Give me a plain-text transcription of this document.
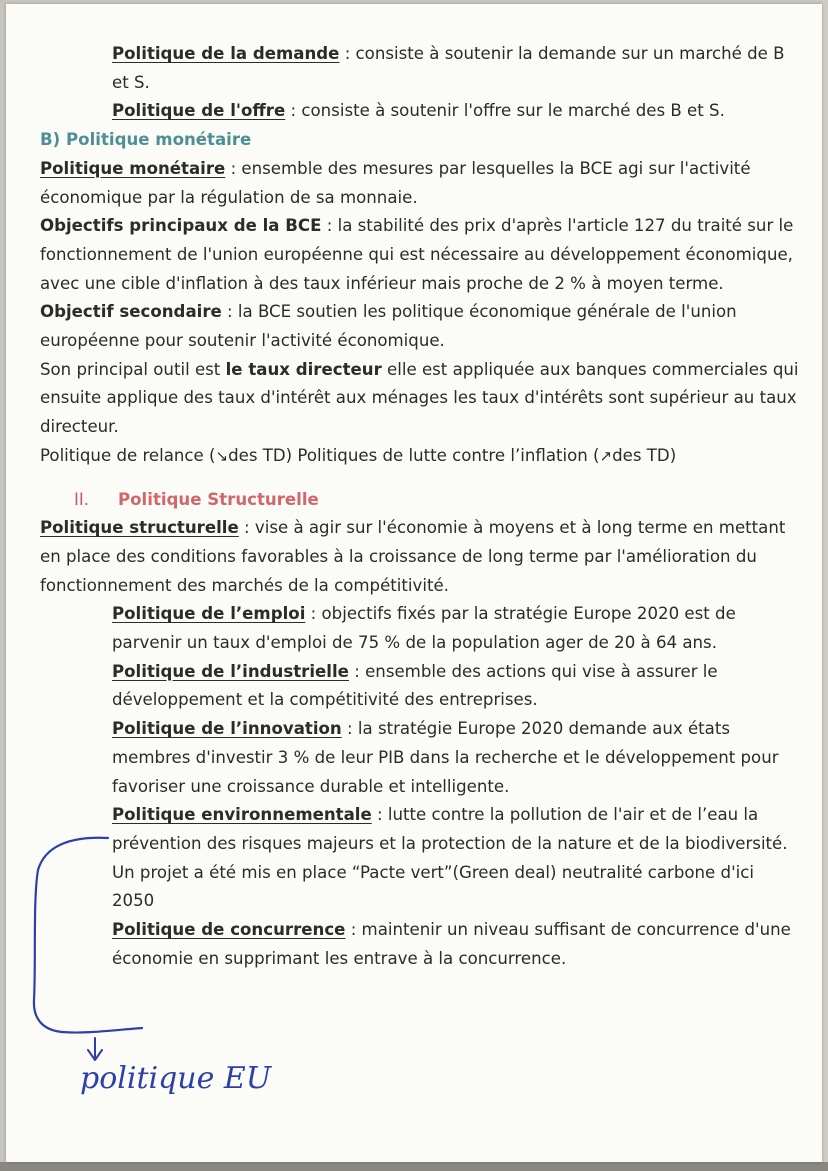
Politique de la demande : consiste à soutenir la demande sur un marché de B et S.

Politique de l'offre : consiste à soutenir l'offre sur le marché des B et S.

B) Politique monétaire

Politique monétaire : ensemble des mesures par lesquelles la BCE agi sur l'activité économique par la régulation de sa monnaie.

Objectifs principaux de la BCE : la stabilité des prix d'après l'article 127 du traité sur le fonctionnement de l'union européenne qui est nécessaire au développement économique, avec une cible d'inflation à des taux inférieur mais proche de 2 % à moyen terme.

Objectif secondaire : la BCE soutien les politique économique générale de l'union européenne pour soutenir l'activité économique.

Son principal outil est le taux directeur elle est appliquée aux banques commerciales qui ensuite applique des taux d'intérêt aux ménages les taux d'intérêts sont supérieur au taux directeur.

Politique de relance (↘des TD) Politiques de lutte contre l’inflation (↗des TD)

II. Politique Structurelle

Politique structurelle : vise à agir sur l'économie à moyens et à long terme en mettant en place des conditions favorables à la croissance de long terme par l'amélioration du fonctionnement des marchés de la compétitivité.

Politique de l’emploi : objectifs fixés par la stratégie Europe 2020 est de parvenir un taux d'emploi de 75 % de la population ager de 20 à 64 ans.

Politique de l’industrielle : ensemble des actions qui vise à assurer le développement et la compétitivité des entreprises.

Politique de l’innovation : la stratégie Europe 2020 demande aux états membres d'investir 3 % de leur PIB dans la recherche et le développement pour favoriser une croissance durable et intelligente.

Politique environnementale : lutte contre la pollution de l'air et de l’eau la prévention des risques majeurs et la protection de la nature et de la biodiversité. Un projet a été mis en place “Pacte vert”(Green deal) neutralité carbone d'ici 2050

Politique de concurrence : maintenir un niveau suffisant de concurrence d'une économie en supprimant les entrave à la concurrence.

politique EU
